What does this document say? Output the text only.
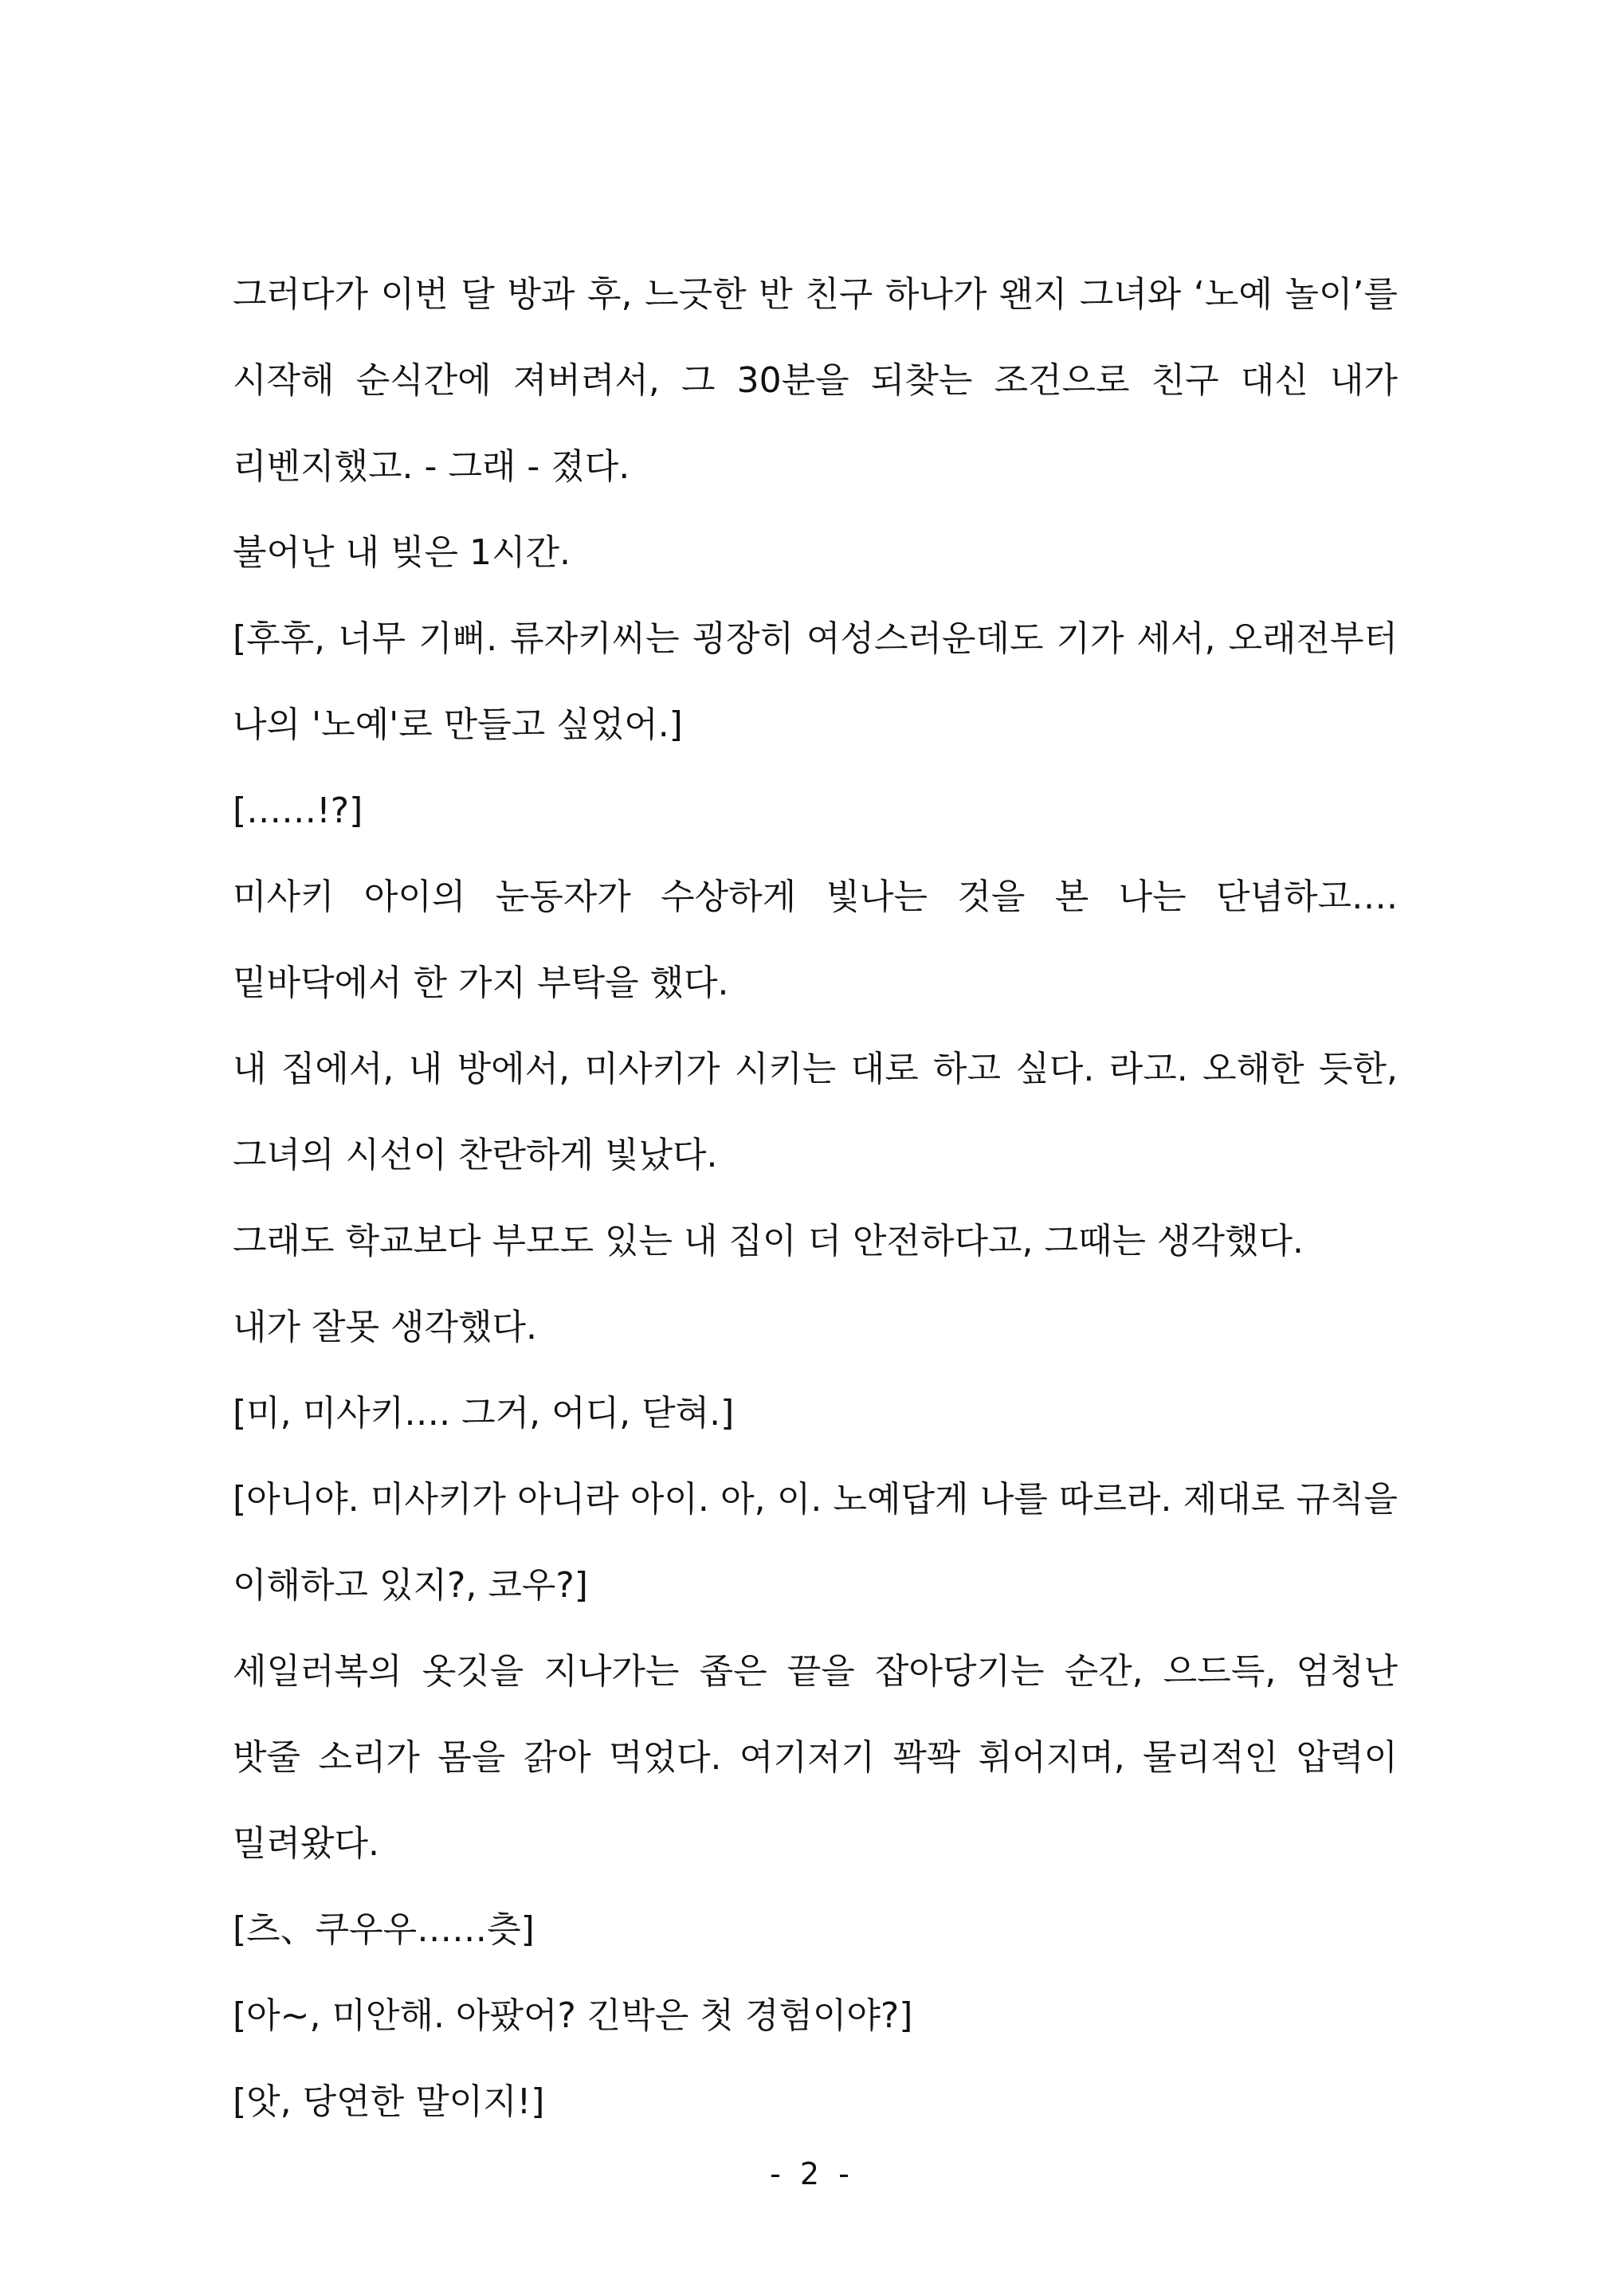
그러다가 이번 달 방과 후, 느긋한 반 친구 하나가 왠지 그녀와 ‘노예 놀이’를 시작해 순식간에 져버려서, 그 30분을 되찾는 조건으로 친구 대신 내가 리벤지했고. - 그래 - 졌다.

불어난 내 빚은 1시간.

[후후, 너무 기뻐. 류자키씨는 굉장히 여성스러운데도 기가 세서, 오래전부터 나의 '노예'로 만들고 싶었어.]

[……!?]

미사키 아이의 눈동자가 수상하게 빛나는 것을 본 나는 단념하고…. 밑바닥에서 한 가지 부탁을 했다.

내 집에서, 내 방에서, 미사키가 시키는 대로 하고 싶다. 라고. 오해한 듯한, 그녀의 시선이 찬란하게 빛났다.

그래도 학교보다 부모도 있는 내 집이 더 안전하다고, 그때는 생각했다.

내가 잘못 생각했다.

[미, 미사키…. 그거, 어디, 닫혀.]

[아니야. 미사키가 아니라 아이. 아, 이. 노예답게 나를 따르라. 제대로 규칙을 이해하고 있지?, 코우?]

세일러복의 옷깃을 지나가는 좁은 끝을 잡아당기는 순간, 으드득, 엄청난 밧줄 소리가 몸을 갉아 먹었다. 여기저기 꽉꽉 휘어지며, 물리적인 압력이 밀려왔다.

[츠、쿠우우……츳]

[아~, 미안해. 아팠어? 긴박은 첫 경험이야?]

[앗, 당연한 말이지!]

- 2 -
